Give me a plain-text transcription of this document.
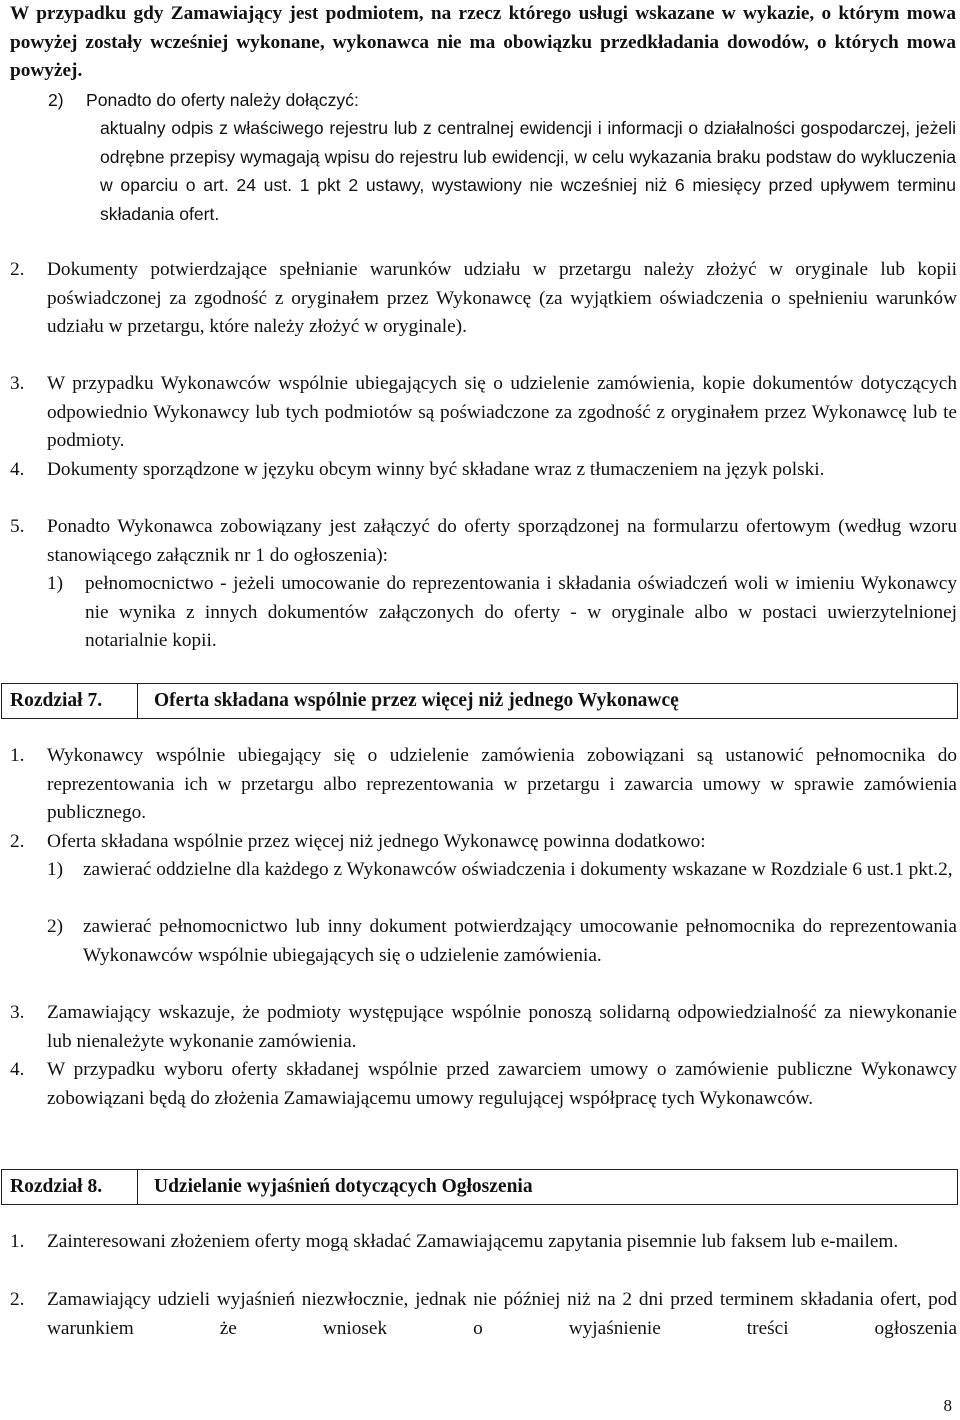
W przypadku gdy Zamawiający jest podmiotem, na rzecz którego usługi wskazane w wykazie, o którym mowa powyżej zostały wcześniej wykonane, wykonawca nie ma obowiązku przedkładania dowodów, o których mowa powyżej.
2) Ponadto do oferty należy dołączyć:
aktualny odpis z właściwego rejestru lub z centralnej ewidencji i informacji o działalności gospodarczej, jeżeli odrębne przepisy wymagają wpisu do rejestru lub ewidencji, w celu wykazania braku podstaw do wykluczenia w oparciu o art. 24 ust. 1 pkt 2 ustawy, wystawiony nie wcześniej niż 6 miesięcy przed upływem terminu składania ofert.
2. Dokumenty potwierdzające spełnianie warunków udziału w przetargu należy złożyć w oryginale lub kopii poświadczonej za zgodność z oryginałem przez Wykonawcę (za wyjątkiem oświadczenia o spełnieniu warunków udziału w przetargu, które należy złożyć w oryginale).
3. W przypadku Wykonawców wspólnie ubiegających się o udzielenie zamówienia, kopie dokumentów dotyczących odpowiednio Wykonawcy lub tych podmiotów są poświadczone za zgodność z oryginałem przez Wykonawcę lub te podmioty.
4. Dokumenty sporządzone w języku obcym winny być składane wraz z tłumaczeniem na język polski.
5. Ponadto Wykonawca zobowiązany jest załączyć do oferty sporządzonej na formularzu ofertowym (według wzoru stanowiącego załącznik nr 1 do ogłoszenia):
1) pełnomocnictwo - jeżeli umocowanie do reprezentowania i składania oświadczeń woli w imieniu Wykonawcy nie wynika z innych dokumentów załączonych do oferty - w oryginale albo w postaci uwierzytelnionej notarialnie kopii.
Rozdział 7.	Oferta składana wspólnie przez więcej niż jednego Wykonawcę
1. Wykonawcy wspólnie ubiegający się o udzielenie zamówienia zobowiązani są ustanowić pełnomocnika do reprezentowania ich w przetargu albo reprezentowania w przetargu i zawarcia umowy w sprawie zamówienia publicznego.
2. Oferta składana wspólnie przez więcej niż jednego Wykonawcę powinna dodatkowo:
1) zawierać oddzielne dla każdego z Wykonawców oświadczenia i dokumenty wskazane w Rozdziale 6 ust.1 pkt.2,
2) zawierać pełnomocnictwo lub inny dokument potwierdzający umocowanie pełnomocnika do reprezentowania Wykonawców wspólnie ubiegających się o udzielenie zamówienia.
3. Zamawiający wskazuje, że podmioty występujące wspólnie ponoszą solidarną odpowiedzialność za niewykonanie lub nienależyte wykonanie zamówienia.
4. W przypadku wyboru oferty składanej wspólnie przed zawarciem umowy o zamówienie publiczne Wykonawcy zobowiązani będą do złożenia Zamawiającemu umowy regulującej współpracę tych Wykonawców.
Rozdział 8.	Udzielanie wyjaśnień dotyczących Ogłoszenia
1. Zainteresowani złożeniem oferty mogą składać Zamawiającemu zapytania pisemnie lub faksem lub e-mailem.
2. Zamawiający udzieli wyjaśnień niezwłocznie, jednak nie później niż na 2 dni przed terminem składania ofert, pod warunkiem że wniosek o wyjaśnienie treści ogłoszenia
8
